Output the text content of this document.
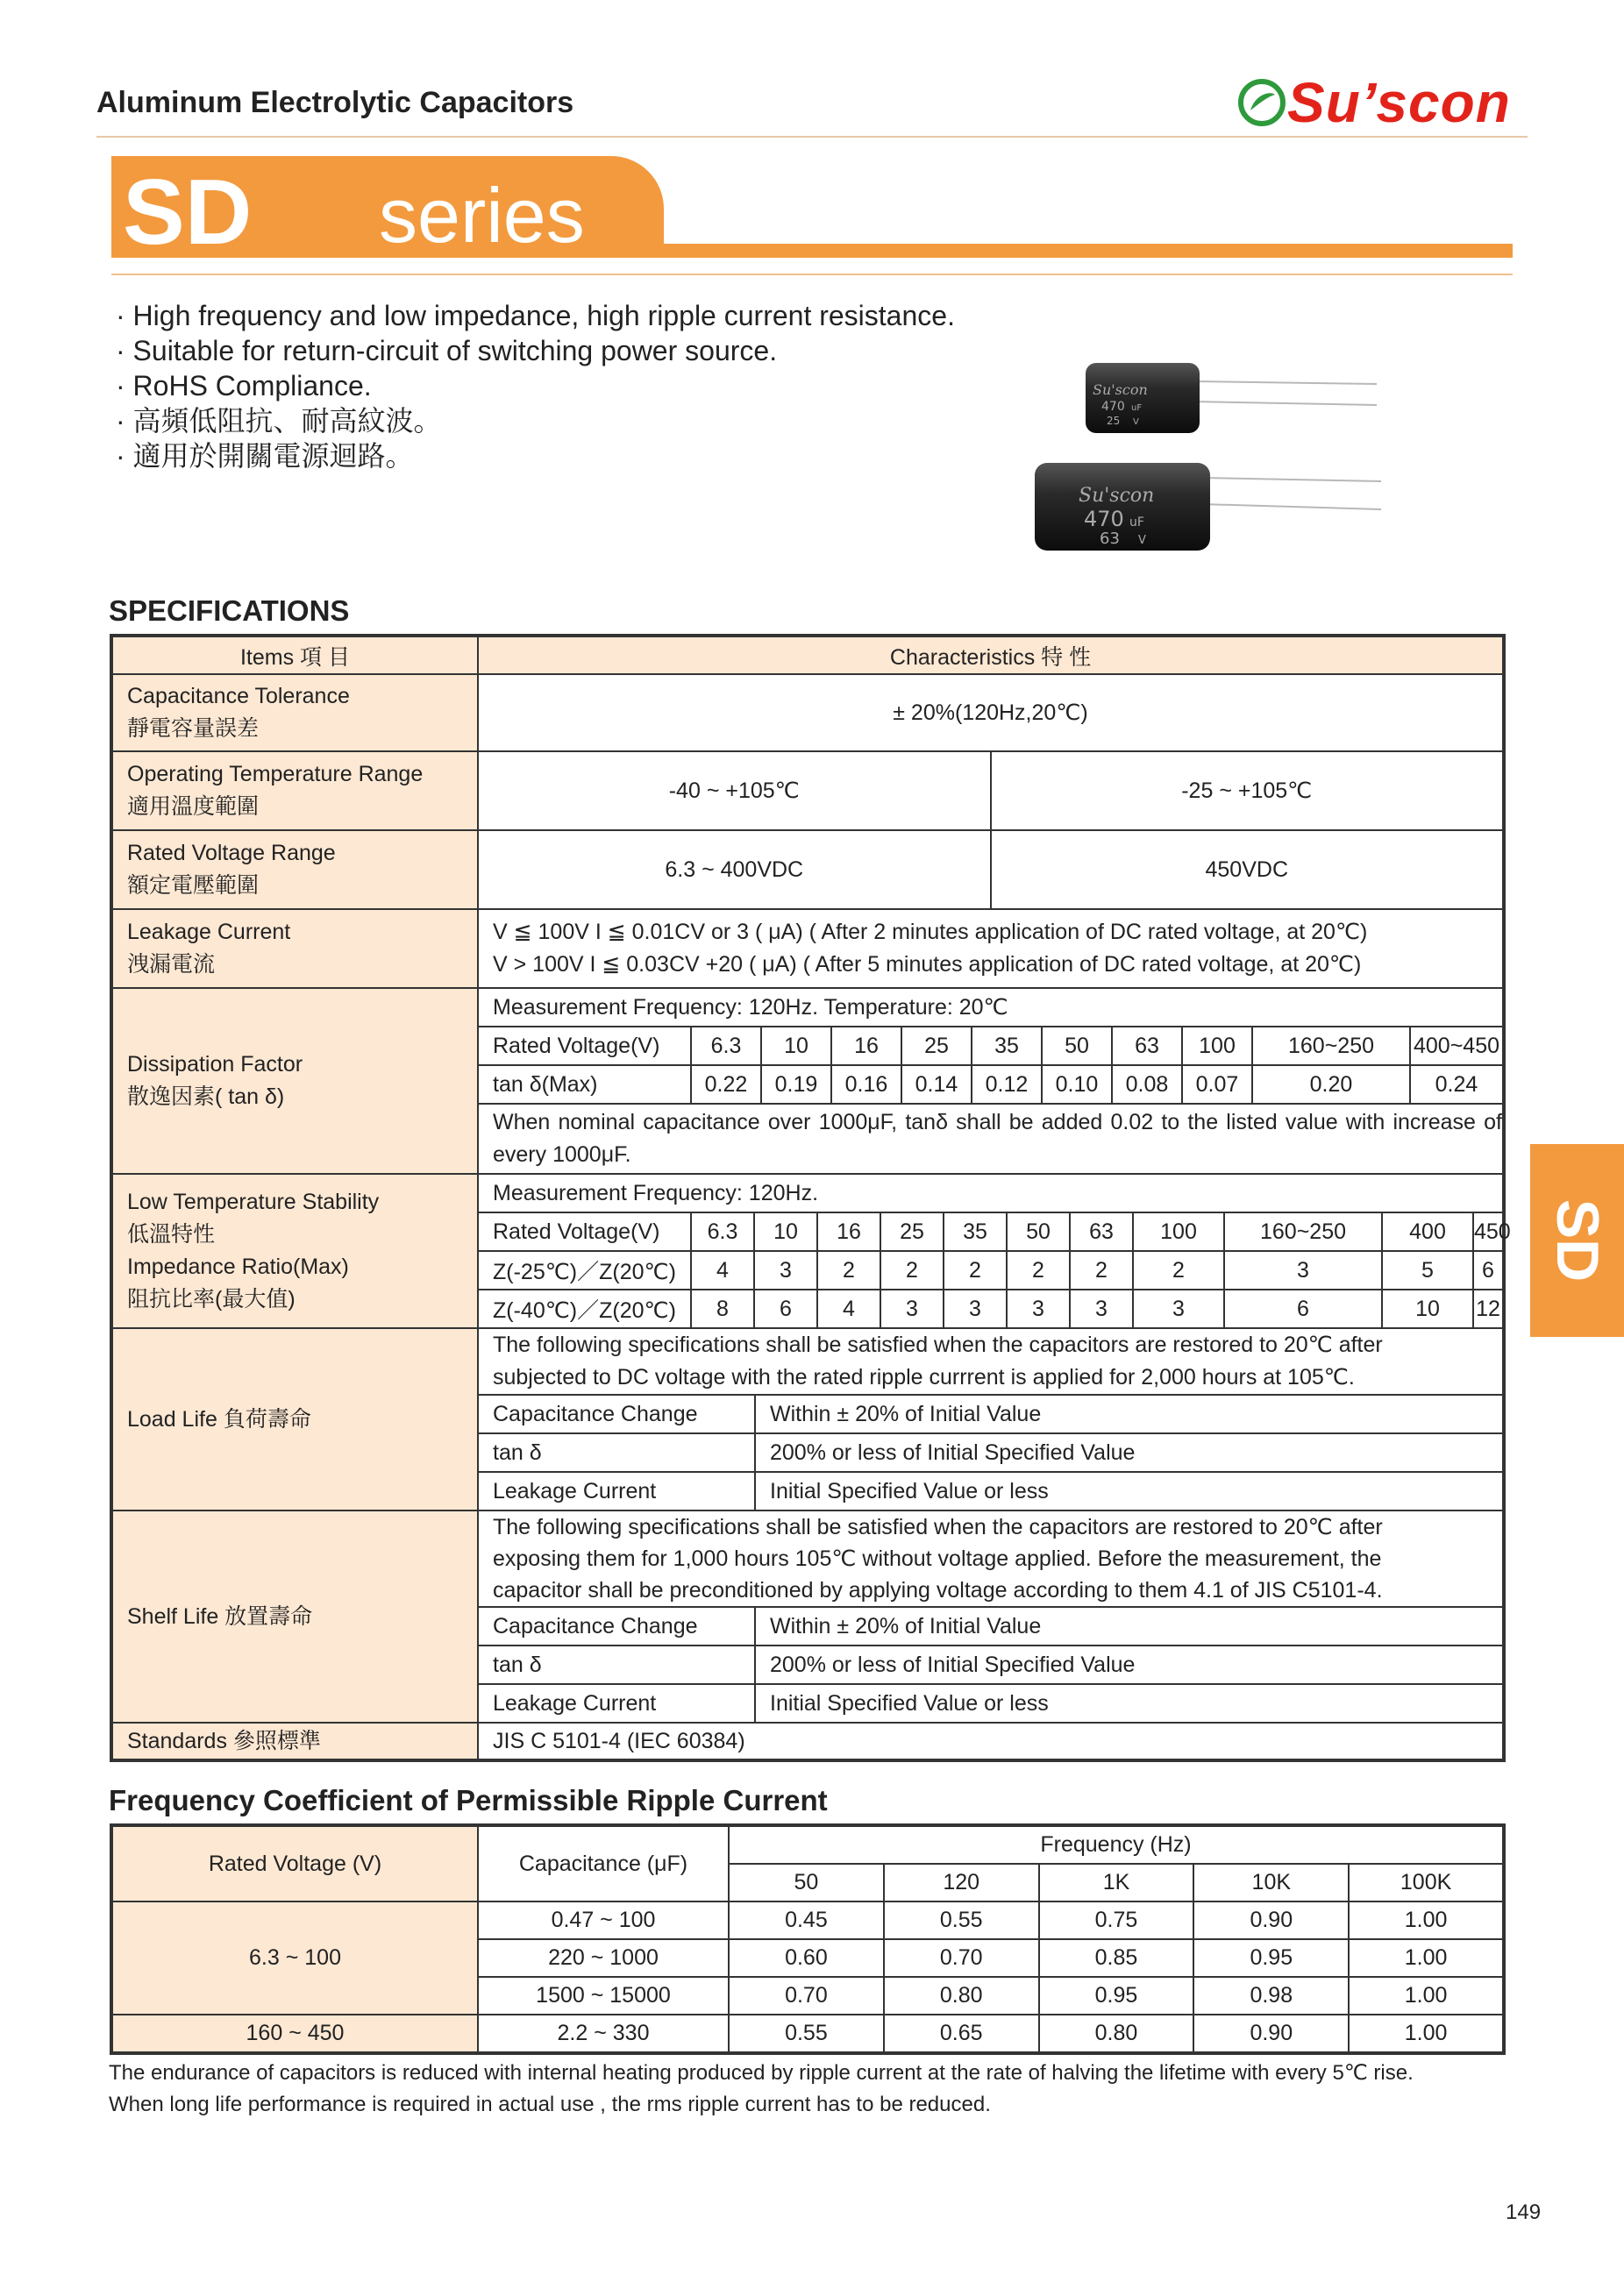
Aluminum Electrolytic Capacitors	Su’scon
SD series
· High frequency and low impedance, high ripple current resistance.
· Suitable for return-circuit of switching power source.
· RoHS Compliance.
· 高頻低阻抗、耐高紋波。
· 適用於開關電源迴路。
Su'scon
470 uF
25 V
Su'scon
470 uF
63 V
SD
SPECIFICATIONS
Items 項 目	Characteristics 特 性

Capacitance Tolerance
靜電容量誤差
	± 20%(120Hz,20℃)

Operating Temperature Range
適用溫度範圍

-40 ~ +105℃	-25 ~ +105℃

Rated Voltage Range
額定電壓範圍

6.3 ~ 400VDC	450VDC

Leakage Current
洩漏電流

V ≦ 100V I ≦ 0.01CV or 3 ( μA) ( After 2 minutes application of DC rated voltage, at 20℃)
V > 100V I ≦ 0.03CV +20 ( μA) ( After 5 minutes application of DC rated voltage, at 20℃)

Dissipation Factor
散逸因素( tan δ)

Measurement Frequency: 120Hz. Temperature: 20℃
Rated Voltage(V)	6.3	10	16	25	35	50	63	100	160~250	400~450
tan δ(Max)	0.22	0.19	0.16	0.14	0.12	0.10	0.08	0.07	0.20	0.24
When nominal capacitance over 1000μF, tanδ shall be added 0.02 to the listed value with increase of every 1000μF.

Low Temperature Stability
低溫特性
Impedance Ratio(Max)
阻抗比率(最大值)

Measurement Frequency: 120Hz.
Rated Voltage(V)	6.3	10	16	25	35	50	63	100	160~250	400	450
Z(-25℃)／Z(20℃)	4	3	2	2	2	2	2	2	3	5	6
Z(-40℃)／Z(20℃)	8	6	4	3	3	3	3	3	6	10	12

Load Life 負荷壽命	
The following specifications shall be satisfied when the capacitors are restored to 20℃ after
subjected to DC voltage with the rated ripple currrent is applied for 2,000 hours at 105℃.

Capacitance Change	Within ± 20% of Initial Value
tan δ	200% or less of Initial Specified Value
Leakage Current	Initial Specified Value or less

Shelf Life 放置壽命	
The following specifications shall be satisfied when the capacitors are restored to 20℃ after
exposing them for 1,000 hours 105℃ without voltage applied. Before the measurement, the
capacitor shall be preconditioned by applying voltage according to them 4.1 of JIS C5101-4.

Capacitance Change	Within ± 20% of Initial Value
tan δ	200% or less of Initial Specified Value
Leakage Current	Initial Specified Value or less

Standards 參照標準	JIS C 5101-4 (IEC 60384)
Frequency Coefficient of Permissible Ripple Current
Rated Voltage (V)	Capacitance (μF)	Frequency (Hz)				
		50	120	1K	10K	100K
6.3 ~ 100	0.47 ~ 100	0.45	0.55	0.75	0.90	1.00
	220 ~ 1000	0.60	0.70	0.85	0.95	1.00
	1500 ~ 15000	0.70	0.80	0.95	0.98	1.00
160 ~ 450	2.2 ~ 330	0.55	0.65	0.80	0.90	1.00
The endurance of capacitors is reduced with internal heating produced by ripple current at the rate of halving the lifetime with every 5℃ rise.
When long life performance is required in actual use , the rms ripple current has to be reduced.
149
